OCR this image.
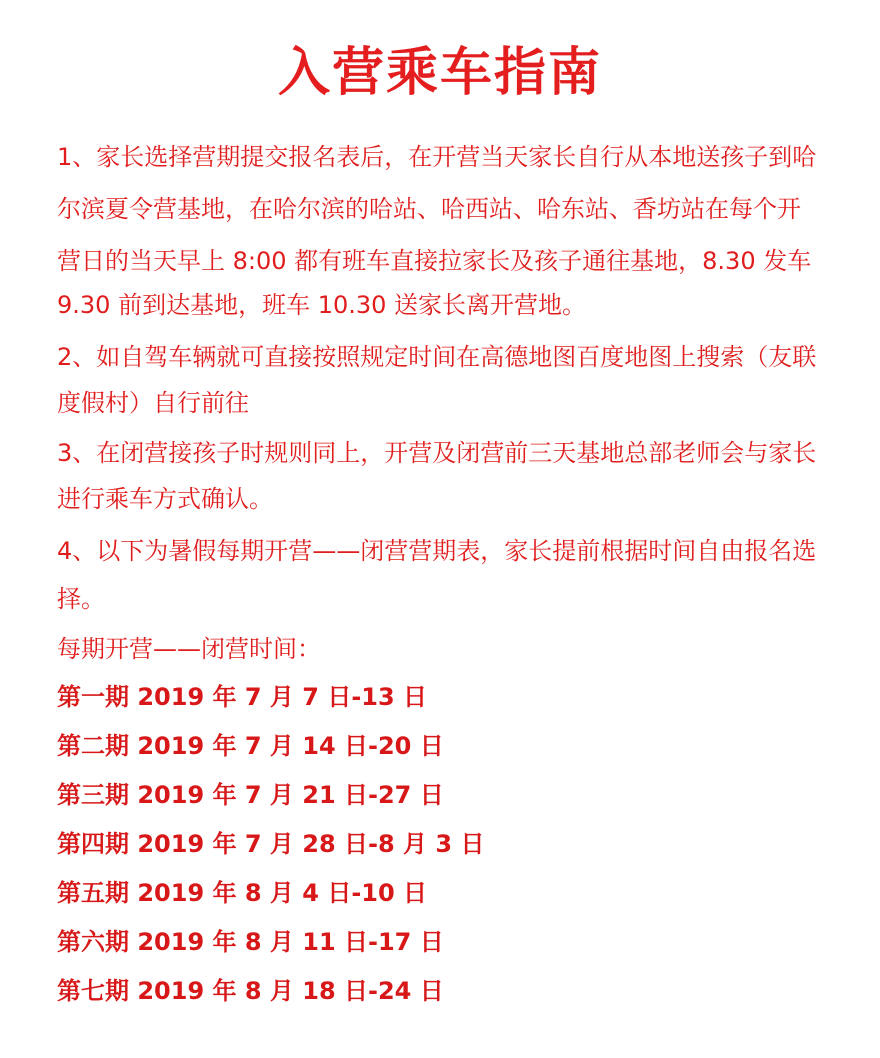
入营乘车指南
1、家长选择营期提交报名表后，在开营当天家长自行从本地送孩子到哈
尔滨夏令营基地，在哈尔滨的哈站、哈西站、哈东站、香坊站在每个开
营日的当天早上 8:00 都有班车直接拉家长及孩子通往基地，8.30 发车
9.30 前到达基地，班车 10.30 送家长离开营地。
2、如自驾车辆就可直接按照规定时间在高德地图百度地图上搜索（友联
度假村）自行前往
3、在闭营接孩子时规则同上，开营及闭营前三天基地总部老师会与家长
进行乘车方式确认。
4、以下为暑假每期开营——闭营营期表，家长提前根据时间自由报名选
择。
每期开营——闭营时间：
第一期 2019 年 7 月 7 日-13 日
第二期 2019 年 7 月 14 日-20 日
第三期 2019 年 7 月 21 日-27 日
第四期 2019 年 7 月 28 日-8 月 3 日
第五期 2019 年 8 月 4 日-10 日
第六期 2019 年 8 月 11 日-17 日
第七期 2019 年 8 月 18 日-24 日
